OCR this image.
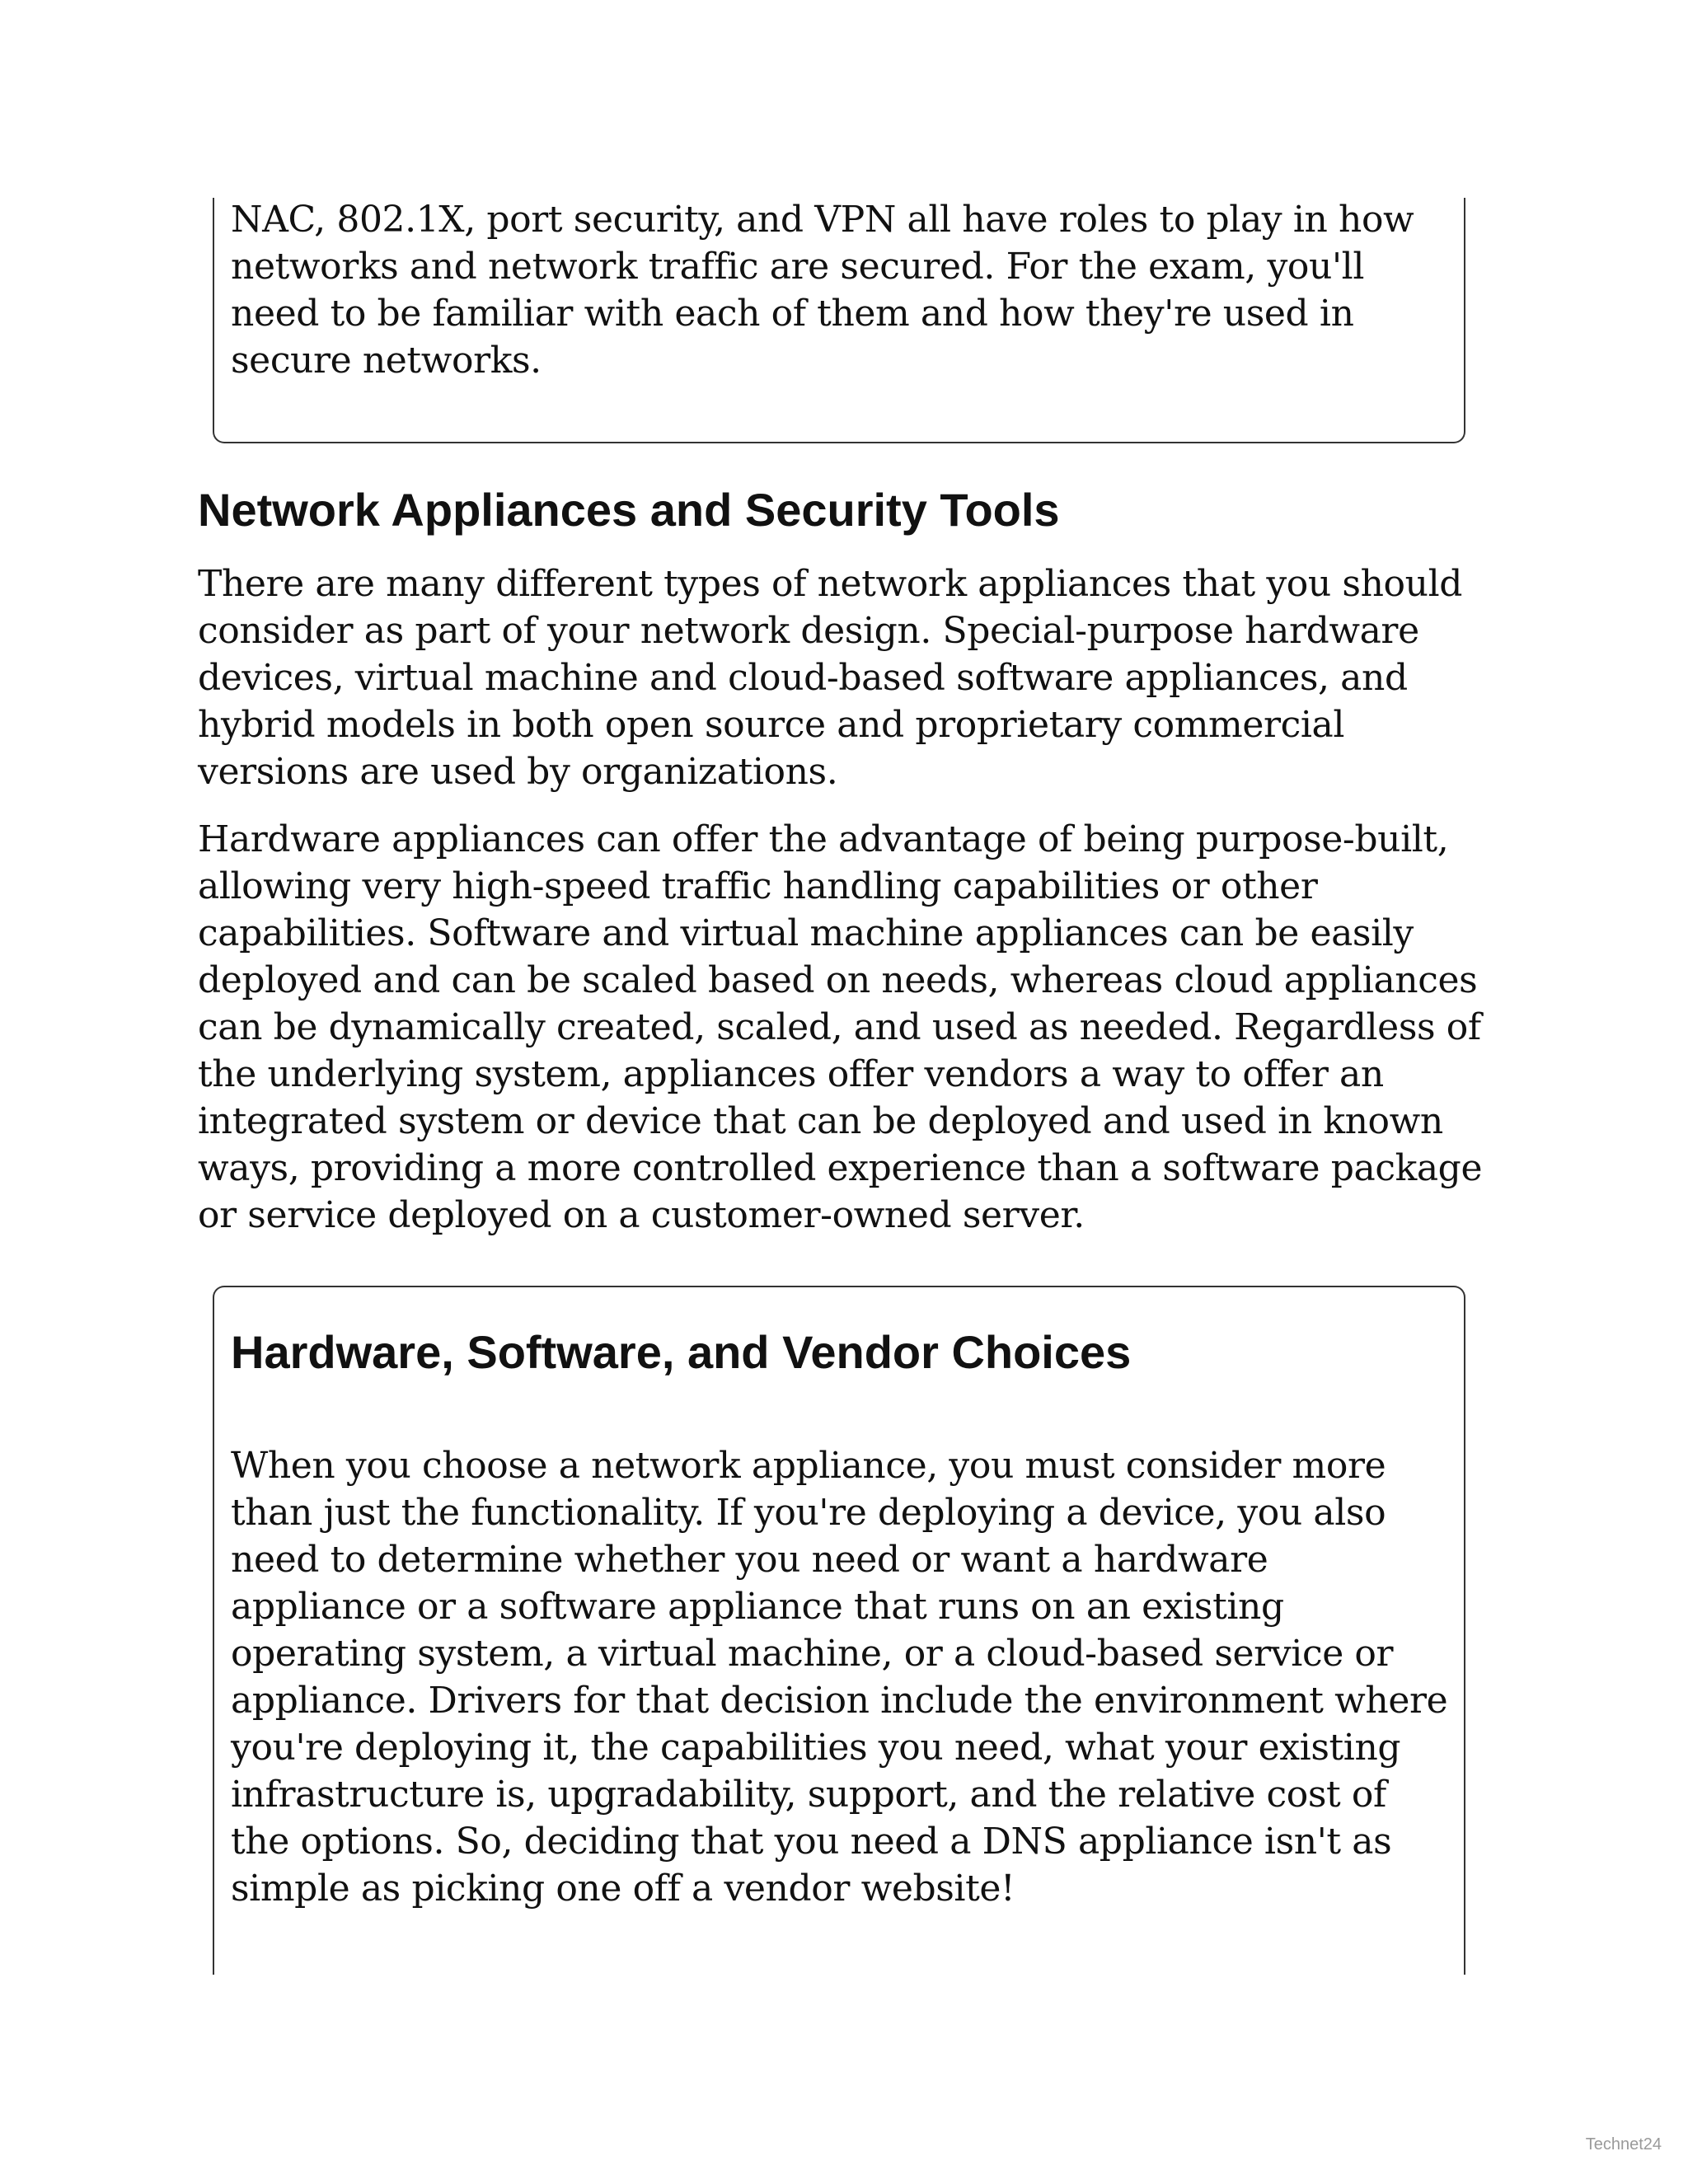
NAC, 802.1X, port security, and VPN all have roles to play in how networks and network traffic are secured. For the exam, you'll need to be familiar with each of them and how they're used in secure networks.

Network Appliances and Security Tools

There are many different types of network appliances that you should consider as part of your network design. Special-purpose hardware devices, virtual machine and cloud-based software appliances, and hybrid models in both open source and proprietary commercial versions are used by organizations.

Hardware appliances can offer the advantage of being purpose-built, allowing very high-speed traffic handling capabilities or other capabilities. Software and virtual machine appliances can be easily deployed and can be scaled based on needs, whereas cloud appliances can be dynamically created, scaled, and used as needed. Regardless of the underlying system, appliances offer vendors a way to offer an integrated system or device that can be deployed and used in known ways, providing a more controlled experience than a software package or service deployed on a customer-owned server.

Hardware, Software, and Vendor Choices

When you choose a network appliance, you must consider more than just the functionality. If you're deploying a device, you also need to determine whether you need or want a hardware appliance or a software appliance that runs on an existing operating system, a virtual machine, or a cloud-based service or appliance. Drivers for that decision include the environment where you're deploying it, the capabilities you need, what your existing infrastructure is, upgradability, support, and the relative cost of the options. So, deciding that you need a DNS appliance isn't as simple as picking one off a vendor website!

Technet24
